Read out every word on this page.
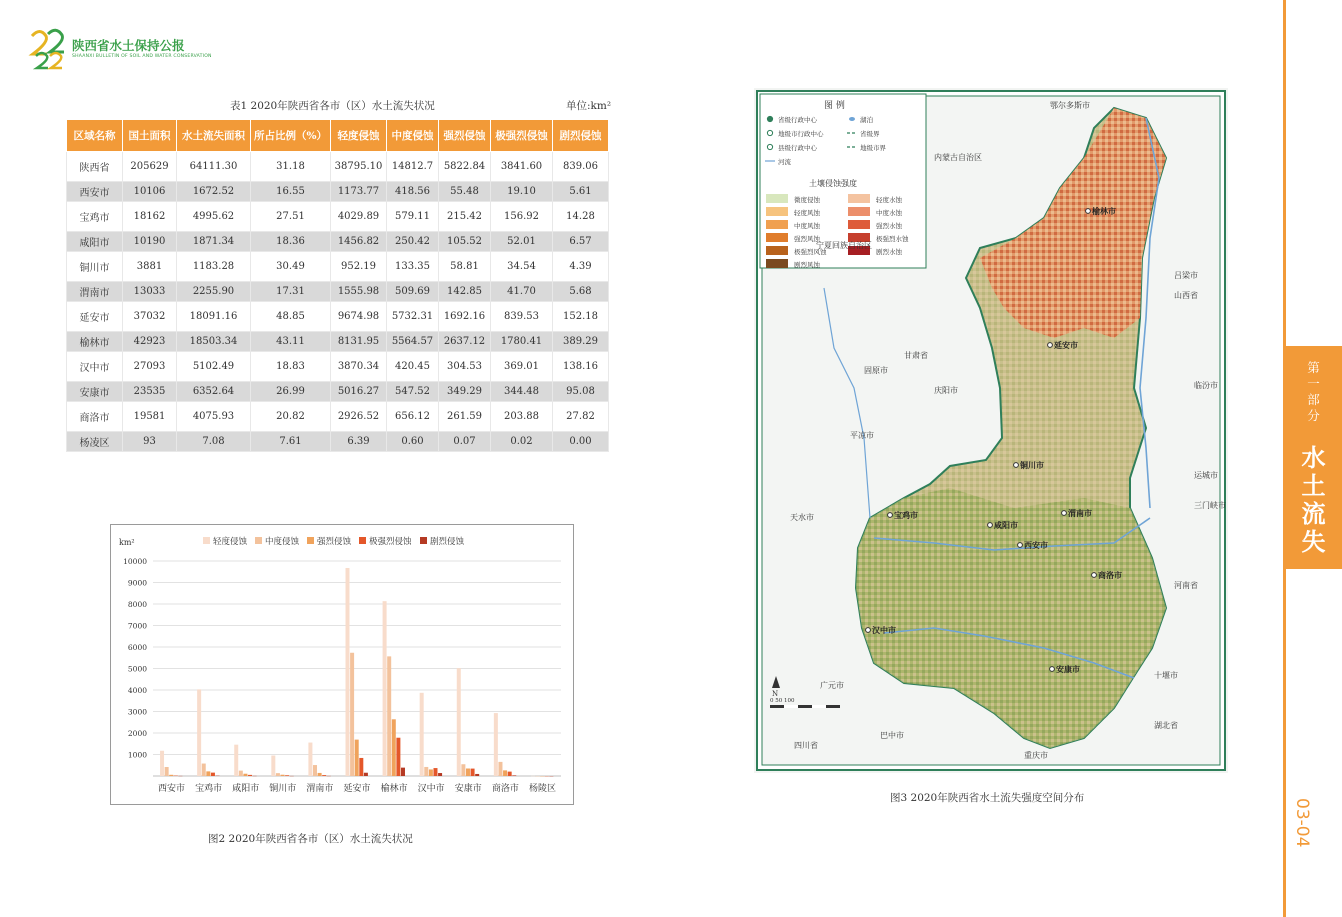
陕西省水土保持公报
SHAANXI BULLETIN OF SOIL AND WATER CONSERVATION
表1 2020年陕西省各市（区）水土流失状况	单位:km²
区域名称	国土面积	水土流失面积	所占比例（%）	轻度侵蚀	中度侵蚀	强烈侵蚀	极强烈侵蚀	剧烈侵蚀
陕西省	205629	64111.30	31.18	38795.10	14812.7	5822.84	3841.60	839.06
西安市	10106	1672.52	16.55	1173.77	418.56	55.48	19.10	5.61
宝鸡市	18162	4995.62	27.51	4029.89	579.11	215.42	156.92	14.28
咸阳市	10190	1871.34	18.36	1456.82	250.42	105.52	52.01	6.57
铜川市	3881	1183.28	30.49	952.19	133.35	58.81	34.54	4.39
渭南市	13033	2255.90	17.31	1555.98	509.69	142.85	41.70	5.68
延安市	37032	18091.16	48.85	9674.98	5732.31	1692.16	839.53	152.18
榆林市	42923	18503.34	43.11	8131.95	5564.57	2637.12	1780.41	389.29
汉中市	27093	5102.49	18.83	3870.34	420.45	304.53	369.01	138.16
安康市	23535	6352.64	26.99	5016.27	547.52	349.29	344.48	95.08
商洛市	19581	4075.93	20.82	2926.52	656.12	261.59	203.88	27.82
杨凌区	93	7.08	7.61	6.39	0.60	0.07	0.02	0.00
km²	轻度侵蚀 中度侵蚀 强烈侵蚀 极强烈侵蚀 剧烈侵蚀
1000
2000
3000
4000
5000
6000
7000
8000
9000
10000
西安市 宝鸡市 咸阳市 铜川市 渭南市 延安市 榆林市 汉中市 安康市 商洛市 杨陵区
图2 2020年陕西省各市（区）水土流失状况
图 例
省级行政中心
地级市行政中心
县级行政中心
河流
湖泊
省级界
地级市界
土壤侵蚀强度
微度侵蚀
轻度风蚀
中度风蚀
强烈风蚀
极强烈风蚀
剧烈风蚀
轻度水蚀
中度水蚀
强烈水蚀
极强烈水蚀
剧烈水蚀
鄂尔多斯市
内蒙古自治区
宁夏回族自治区
甘肃省
四川省
重庆市
湖北省
河南省
山西省
吕梁市
临汾市
运城市
三门峡市
十堰市
广元市
巴中市
天水市
平凉市
庆阳市
固原市
榆林市
延安市
铜川市
渭南市
宝鸡市
咸阳市
西安市
商洛市
汉中市
安康市
N
0 50 100
图3 2020年陕西省水土流失强度空间分布
第
一
部
分
水
土
流
失
03-04
